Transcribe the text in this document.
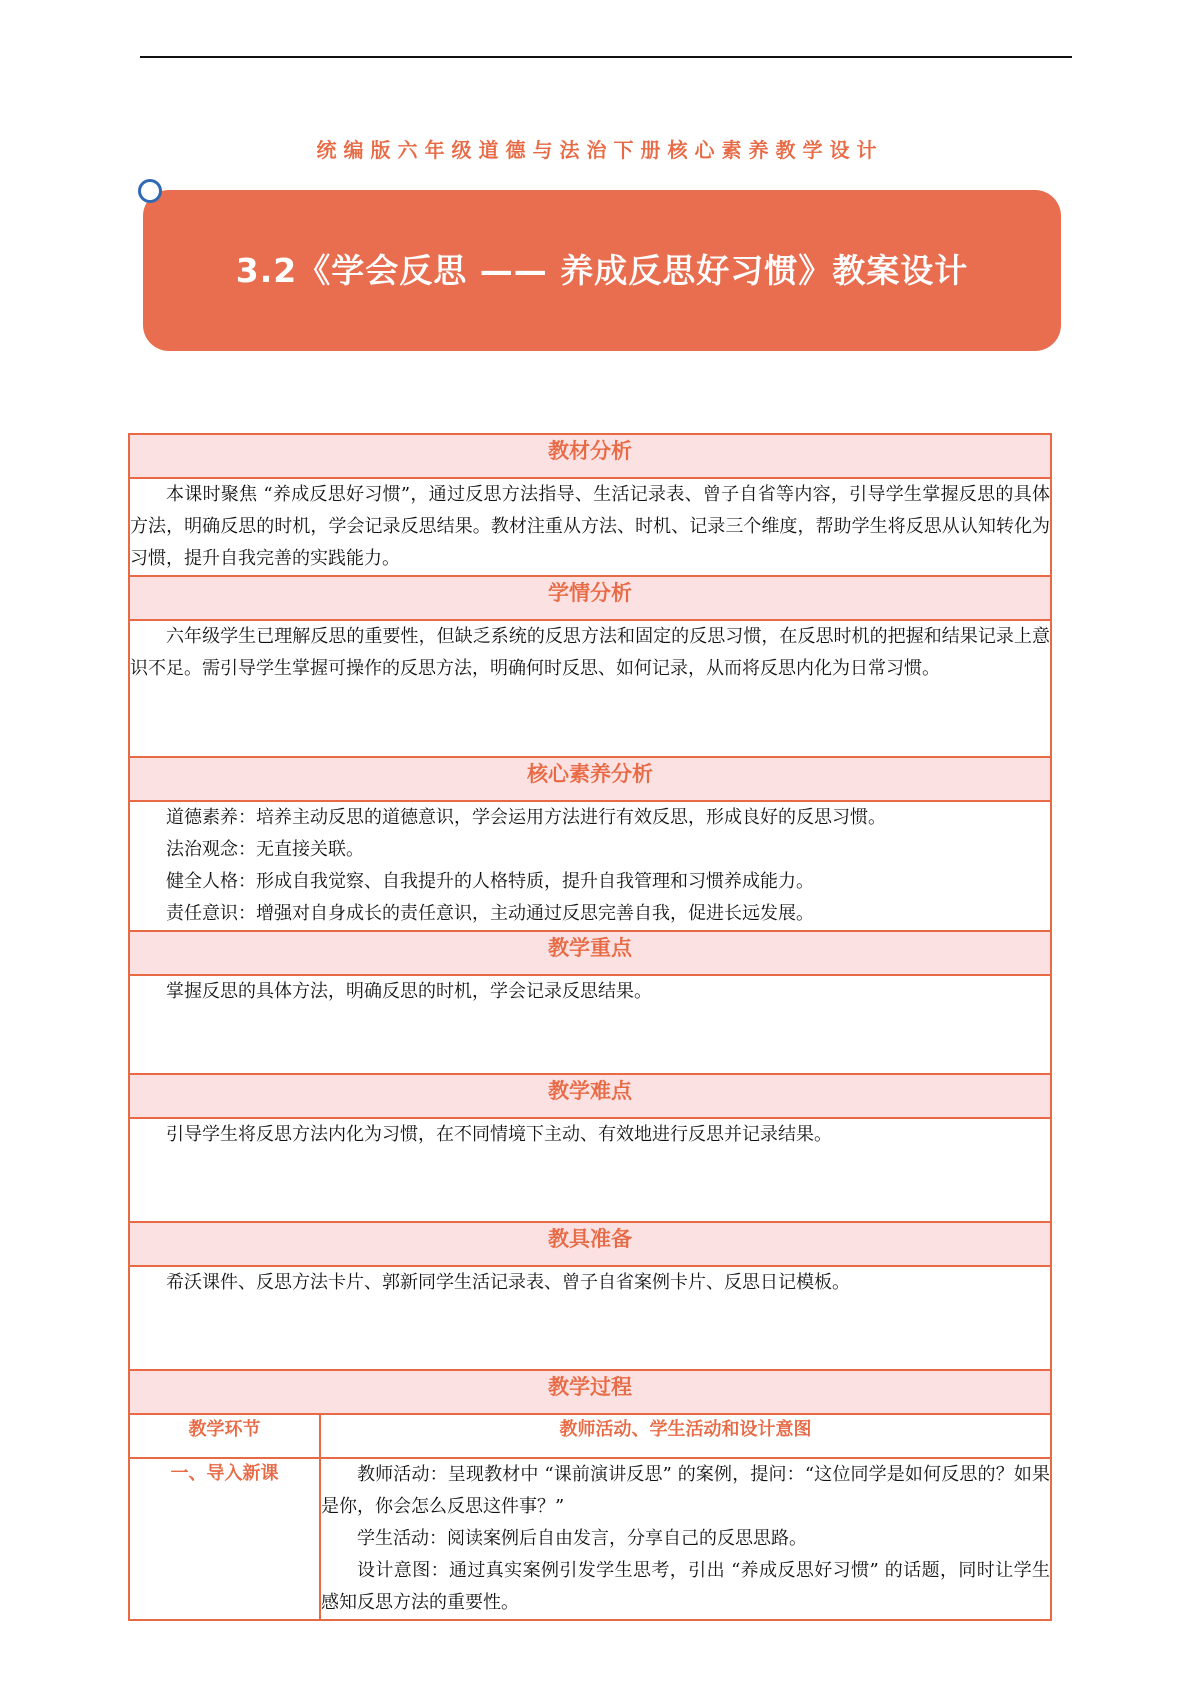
统编版六年级道德与法治下册核心素养教学设计
3.2《学会反思 —— 养成反思好习惯》教案设计
教材分析	

本课时聚焦 “养成反思好习惯”，通过反思方法指导、生活记录表、曾子自省等内容，引导学生掌握反思的具体方法，明确反思的时机，学会记录反思结果。教材注重从方法、时机、记录三个维度，帮助学生将反思从认知转化为习惯，提升自我完善的实践能力。	

学情分析	

六年级学生已理解反思的重要性，但缺乏系统的反思方法和固定的反思习惯，在反思时机的把握和结果记录上意识不足。需引导学生掌握可操作的反思方法，明确何时反思、如何记录，从而将反思内化为日常习惯。	

核心素养分析	

道德素养：培养主动反思的道德意识，学会运用方法进行有效反思，形成良好的反思习惯。
法治观念：无直接关联。
健全人格：形成自我觉察、自我提升的人格特质，提升自我管理和习惯养成能力。
责任意识：增强对自身成长的责任意识，主动通过反思完善自我，促进长远发展。	

教学重点	

掌握反思的具体方法，明确反思的时机，学会记录反思结果。	

教学难点	

引导学生将反思方法内化为习惯，在不同情境下主动、有效地进行反思并记录结果。	

教具准备	

希沃课件、反思方法卡片、郭新同学生活记录表、曾子自省案例卡片、反思日记模板。	

教学过程	
教学环节	教师活动、学生活动和设计意图
一、导入新课	教师活动：呈现教材中 “课前演讲反思” 的案例，提问：“这位同学是如何反思的？如果是你，你会怎么反思这件事？”
学生活动：阅读案例后自由发言，分享自己的反思思路。
设计意图：通过真实案例引发学生思考，引出 “养成反思好习惯” 的话题，同时让学生感知反思方法的重要性。
